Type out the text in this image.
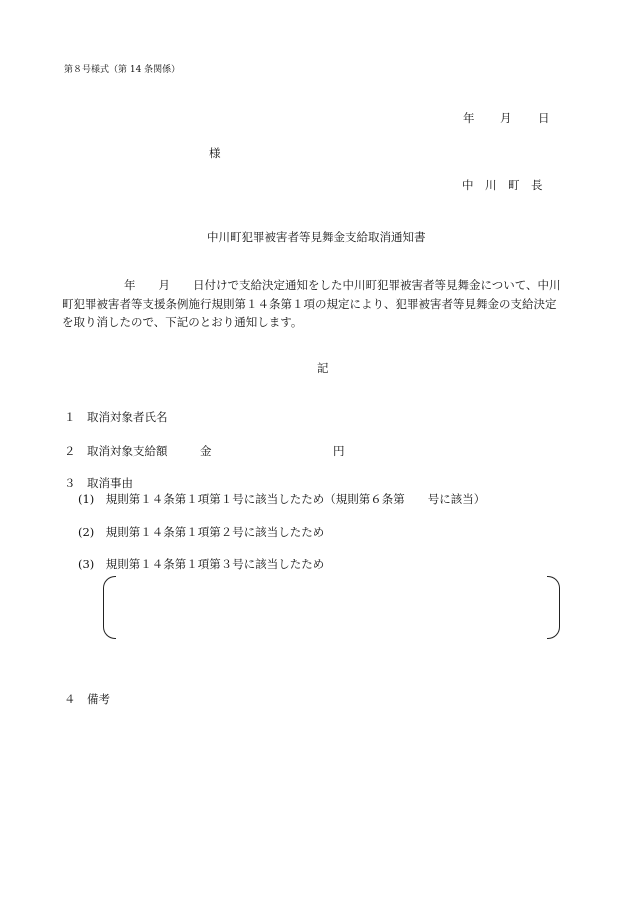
第８号様式（第 14 条関係）
年 月 日
様
中　川　町　長
中川町犯罪被害者等見舞金支給取消通知書
年　　月　　日付けで支給決定通知をした中川町犯罪被害者等見舞金について、中川
町犯罪被害者等支援条例施行規則第１４条第１項の規定により、犯罪被害者等見舞金の支給決定
を取り消したので、下記のとおり通知します。
記
１　取消対象者氏名
２　取消対象支給額	金	円
３　取消事由
(1)　規則第１４条第１項第１号に該当したため（規則第６条第　　号に該当）
(2)　規則第１４条第１項第２号に該当したため
(3)　規則第１４条第１項第３号に該当したため
４　備考
